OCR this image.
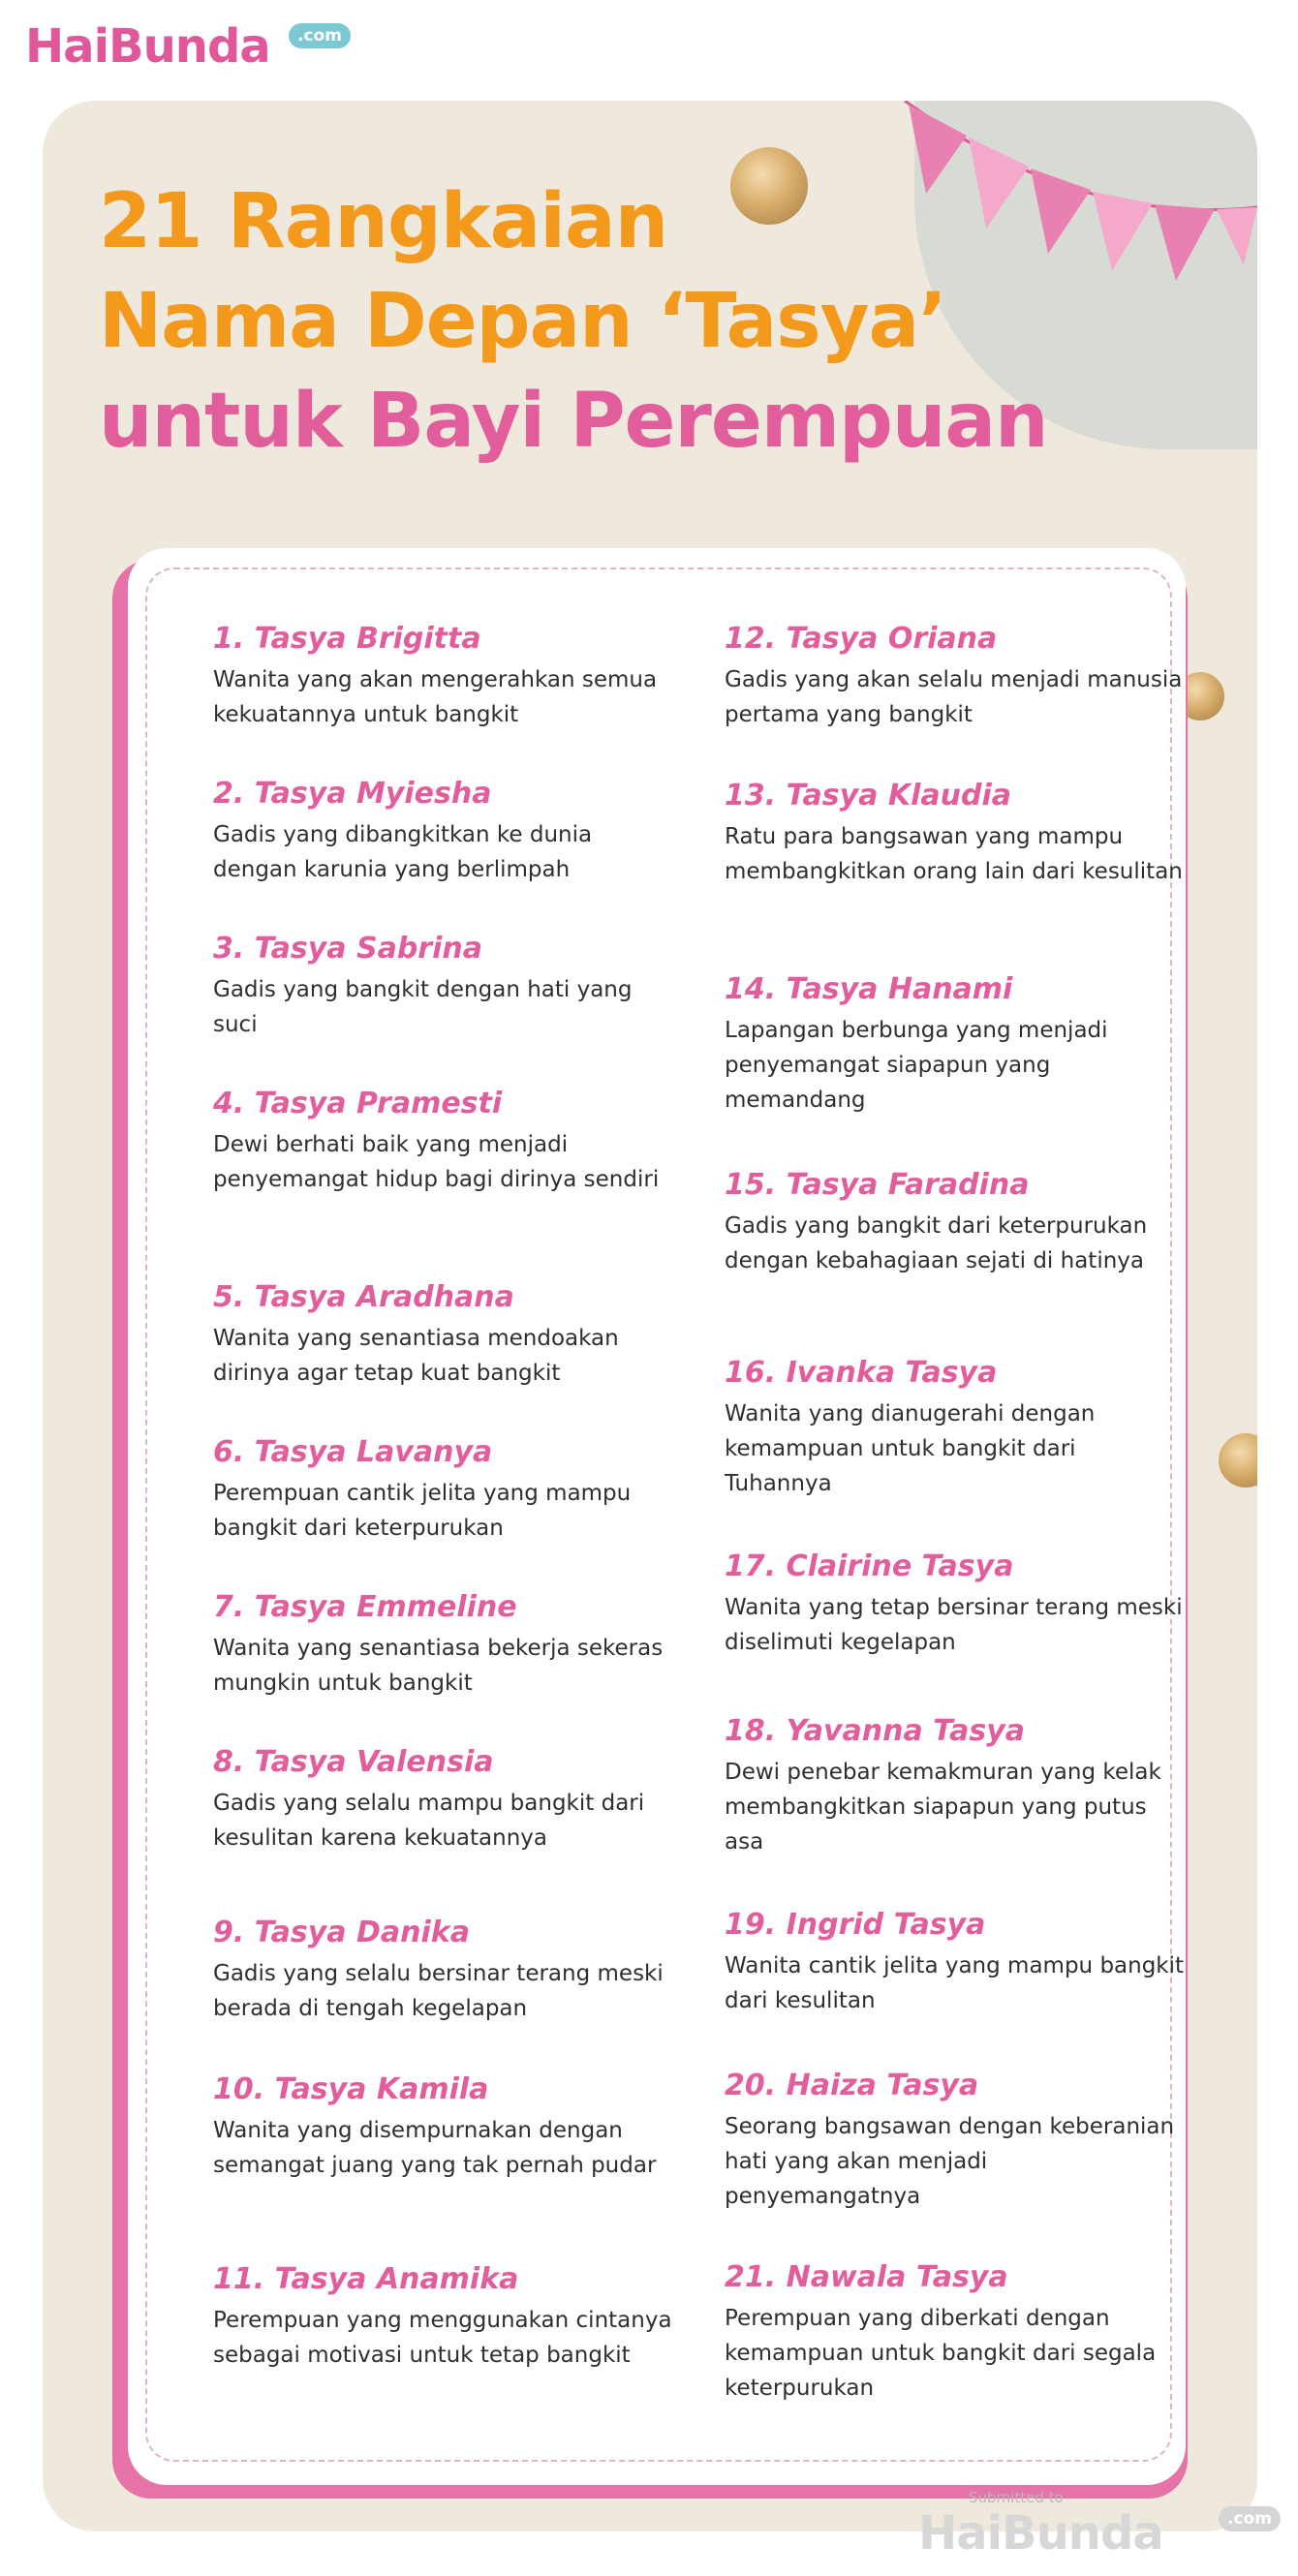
HaiBunda	.com
21 Rangkaian
Nama Depan ‘Tasya’
untuk Bayi Perempuan
1. Tasya Brigitta
Wanita yang akan mengerahkan semua kekuatannya untuk bangkit
2. Tasya Myiesha
Gadis yang dibangkitkan ke dunia dengan karunia yang berlimpah
3. Tasya Sabrina
Gadis yang bangkit dengan hati yang suci
4. Tasya Pramesti
Dewi berhati baik yang menjadi penyemangat hidup bagi dirinya sendiri
5. Tasya Aradhana
Wanita yang senantiasa mendoakan dirinya agar tetap kuat bangkit
6. Tasya Lavanya
Perempuan cantik jelita yang mampu bangkit dari keterpurukan
7. Tasya Emmeline
Wanita yang senantiasa bekerja sekeras mungkin untuk bangkit
8. Tasya Valensia
Gadis yang selalu mampu bangkit dari kesulitan karena kekuatannya
9. Tasya Danika
Gadis yang selalu bersinar terang meski berada di tengah kegelapan
10. Tasya Kamila
Wanita yang disempurnakan dengan semangat juang yang tak pernah pudar
11. Tasya Anamika
Perempuan yang menggunakan cintanya sebagai motivasi untuk tetap bangkit
12. Tasya Oriana
Gadis yang akan selalu menjadi manusia pertama yang bangkit
13. Tasya Klaudia
Ratu para bangsawan yang mampu membangkitkan orang lain dari kesulitan
14. Tasya Hanami
Lapangan berbunga yang menjadi penyemangat siapapun yang memandang
15. Tasya Faradina
Gadis yang bangkit dari keterpurukan dengan kebahagiaan sejati di hatinya
16. Ivanka Tasya
Wanita yang dianugerahi dengan kemampuan untuk bangkit dari Tuhannya
17. Clairine Tasya
Wanita yang tetap bersinar terang meski diselimuti kegelapan
18. Yavanna Tasya
Dewi penebar kemakmuran yang kelak membangkitkan siapapun yang putus asa
19. Ingrid Tasya
Wanita cantik jelita yang mampu bangkit dari kesulitan
20. Haiza Tasya
Seorang bangsawan dengan keberanian hati yang akan menjadi penyemangatnya
21. Nawala Tasya
Perempuan yang diberkati dengan kemampuan untuk bangkit dari segala keterpurukan
Submitted to
HaiBunda	.com
